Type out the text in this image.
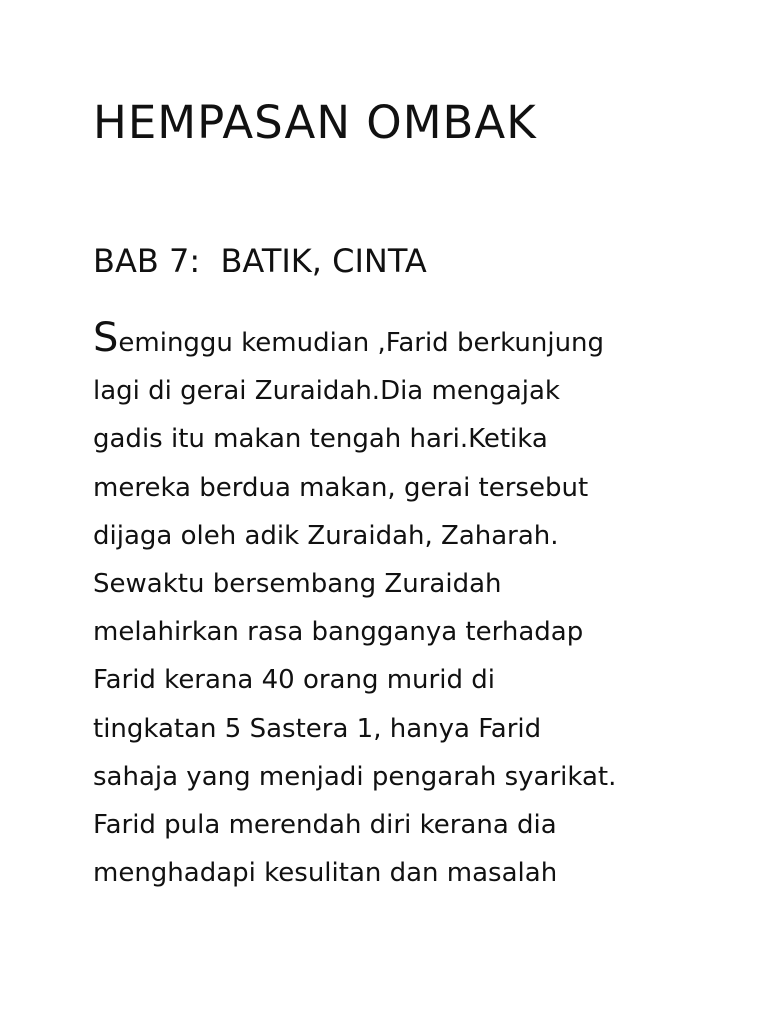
HEMPASAN OMBAK
BAB 7:  BATIK, CINTA
Seminggu kemudian ,Farid berkunjung
lagi di gerai Zuraidah.Dia mengajak
gadis itu makan tengah hari.Ketika
mereka berdua makan, gerai tersebut
dijaga oleh adik Zuraidah, Zaharah.
Sewaktu bersembang Zuraidah
melahirkan rasa bangganya terhadap
Farid kerana 40 orang murid di
tingkatan 5 Sastera 1, hanya Farid
sahaja yang menjadi pengarah syarikat.
Farid pula merendah diri kerana dia
menghadapi kesulitan dan masalah
